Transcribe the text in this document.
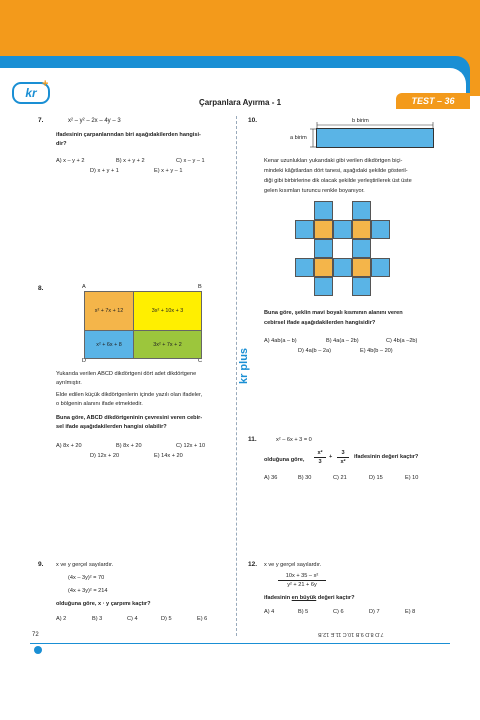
kr
+
Çarpanlara Ayırma - 1	TEST – 36
kr plus
7.	x² – y² – 2x – 4y – 3
ifadesinin çarpanlarından biri aşağıdakilerden hangisi-
dir?
A) x – y + 2	B) x + y + 2	C) x – y – 1
D) x + y + 1	E) x + y – 1
8.	A	B
D	C
x² + 7x + 12	3x² + 10x + 3
x² + 6x + 8	3x² + 7x + 2
Yukarıda verilen ABCD dikdörtgeni dört adet dikdörtgene
ayrılmıştır.
Elde edilen küçük dikdörtgenlerin içinde yazılı olan ifadeler,
o bölgenin alanını ifade etmektedir.
Buna göre, ABCD dikdörtgeninin çevresini veren cebir-
sel ifade aşağıdakilerden hangisi olabilir?
A) 8x + 20	B) 8x + 20	C) 12x + 10
D) 12x + 20	E) 14x + 20
9. x ve y gerçel sayılardır.
(4x – 3y)² = 70
(4x + 3y)² = 214
olduğuna göre, x · y çarpımı kaçtır?
A) 2	B) 3	C) 4	D) 5	E) 6
10.	b birim
a birim
Kenar uzunlukları yukarıdaki gibi verilen dikdörtgen biçi-
mindeki kâğıtlardan dört tanesi, aşağıdaki şekilde gösteril-
diği gibi birbirlerine dik olacak şekilde yerleştirilerek üst üste
gelen kısımları turuncu renkle boyanıyor.
Buna göre, şeklin mavi boyalı kısmının alanını veren
cebirsel ifade aşağıdakilerden hangisidir?
A) 4ab(a – b)	B) 4a(a – 2b)	C) 4b(a –2b)
D) 4a(b – 2a)	E) 4b(b – 20)
11.	x² – 6x + 3 = 0
olduğuna göre,
x²
3
+
3
x²
ifadesinin değeri kaçtır?
A) 36	B) 30	C) 21	D) 15	E) 10
12. x ve y gerçel sayılardır.
10x + 35 – x²
y² + 21 + 6y
ifadesinin en büyük değeri kaçtır?
A) 4	B) 5	C) 6	D) 7	E) 8
7.D 8.D 9.B 10.C 11.E 12.B
72
